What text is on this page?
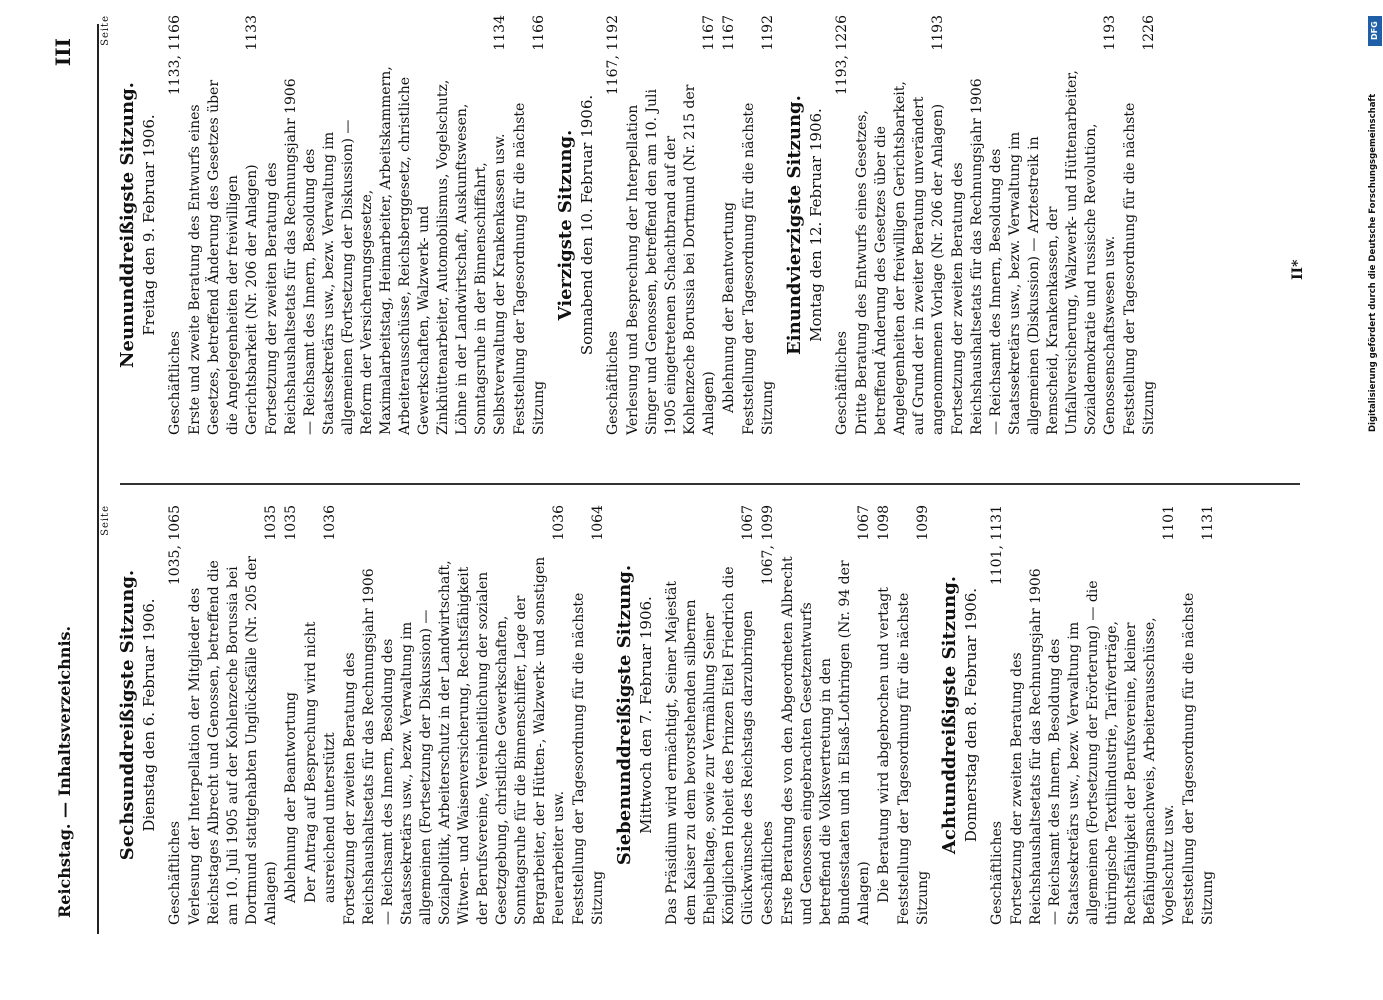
Reichstag. — Inhaltsverzeichnis.
III
Seite
Sechsunddreißigste Sitzung. Dienstag den 6. Februar 1906.
Geschäftliches
1035, 1065
Verlesung der Interpellation der Mitglieder des Reichstages Albrecht und Genossen, betreffend die am 10. Juli 1905 auf der Kohlenzeche Borussia bei Dortmund stattgehabten Unglücksfälle (Nr. 205 der Anlagen)
1035
Ablehnung der Beantwortung
1035
Der Antrag auf Besprechung wird nicht ausreichend unterstützt
1036
Fortsetzung der zweiten Beratung des Reichshaushaltsetats für das Rechnungsjahr 1906 — Reichsamt des Innern, Besoldung des Staatssekretärs usw., bezw. Verwaltung im allgemeinen (Fortsetzung der Diskussion) — Sozialpolitik, Arbeiterschutz in der Landwirtschaft, Witwen- und Waisenversicherung, Rechtsfähigkeit der Berufsvereine, Vereinheitlichung der sozialen Gesetzgebung, christliche Gewerkschaften, Sonntagsruhe für die Binnenschiffer, Lage der Bergarbeiter, der Hütten-, Walzwerk- und sonstigen Feuerarbeiter usw.
1036
Feststellung der Tagesordnung für die nächste Sitzung
1064
Siebenunddreißigste Sitzung. Mittwoch den 7. Februar 1906. Das Präsidium wird ermächtigt, Seiner Majestät dem Kaiser zu dem bevorstehenden silbernen Ehejubeltage, sowie zur Vermählung Seiner Königlichen Hoheit des Prinzen Eitel Friedrich die Glückwünsche des Reichstags darzubringen
1067
Geschäftliches
1067, 1099
Erste Beratung des von den Abgeordneten Albrecht und Genossen eingebrachten Gesetzentwurfs betreffend die Volksvertretung in den Bundesstaaten und in Elsaß-Lothringen (Nr. 94 der Anlagen)
1067
Die Beratung wird abgebrochen und vertagt
1098
Feststellung der Tagesordnung für die nächste Sitzung
1099
Achtunddreißigste Sitzung. Donnerstag den 8. Februar 1906.
Geschäftliches
1101, 1131
Fortsetzung der zweiten Beratung des Reichshaushaltsetats für das Rechnungsjahr 1906 — Reichsamt des Innern, Besoldung des Staatssekretärs usw., bezw. Verwaltung im allgemeinen (Fortsetzung der Erörterung) — die thüringische Textilindustrie, Tarifverträge, Rechtsfähigkeit der Berufsvereine, kleiner Befähigungsnachweis, Arbeiterausschüsse, Vogelschutz usw.
1101
Feststellung der Tagesordnung für die nächste Sitzung
1131
Seite
Neununddreißigste Sitzung. Freitag den 9. Februar 1906.
Geschäftliches
1133, 1166
Erste und zweite Beratung des Entwurfs eines Gesetzes, betreffend Änderung des Gesetzes über die Angelegenheiten der freiwilligen Gerichtsbarkeit (Nr. 206 der Anlagen)
1133
Fortsetzung der zweiten Beratung des Reichshaushaltsetats für das Rechnungsjahr 1906 — Reichsamt des Innern, Besoldung des Staatssekretärs usw., bezw. Verwaltung im allgemeinen (Fortsetzung der Diskussion) — Reform der Versicherungsgesetze, Maximalarbeitstag, Heimarbeiter, Arbeitskammern, Arbeiterausschüsse, Reichsberggesetz, christliche Gewerkschaften, Walzwerk- und Zinkhüttenarbeiter, Automobilismus, Vogelschutz, Löhne in der Landwirtschaft, Auskunftswesen, Sonntagsruhe in der Binnenschiffahrt, Selbstverwaltung der Krankenkassen usw.
1134
Feststellung der Tagesordnung für die nächste Sitzung
1166
Vierzigste Sitzung. Sonnabend den 10. Februar 1906.
Geschäftliches
1167, 1192
Verlesung und Besprechung der Interpellation Singer und Genossen, betreffend den am 10. Juli 1905 eingetretenen Schachtbrand auf der Kohlenzeche Borussia bei Dortmund (Nr. 215 der Anlagen)
1167
Ablehnung der Beantwortung
1167
Feststellung der Tagesordnung für die nächste Sitzung
1192
Einundvierzigste Sitzung. Montag den 12. Februar 1906.
Geschäftliches
1193, 1226
Dritte Beratung des Entwurfs eines Gesetzes, betreffend Änderung des Gesetzes über die Angelegenheiten der freiwilligen Gerichtsbarkeit, auf Grund der in zweiter Beratung unverändert angenommenen Vorlage (Nr. 206 der Anlagen)
1193
Fortsetzung der zweiten Beratung des Reichshaushaltsetats für das Rechnungsjahr 1906 — Reichsamt des Innern, Besoldung des Staatssekretärs usw., bezw. Verwaltung im allgemeinen (Diskussion) — Arztestreik in Remscheid, Krankenkassen, der Unfallversicherung, Walzwerk- und Hüttenarbeiter, Sozialdemokratie und russische Revolution, Genossenschaftswesen usw.
1193
Feststellung der Tagesordnung für die nächste Sitzung
1226
II*
DFG
Digitalisierung gefördert durch die Deutsche Forschungsgemeinschaft
